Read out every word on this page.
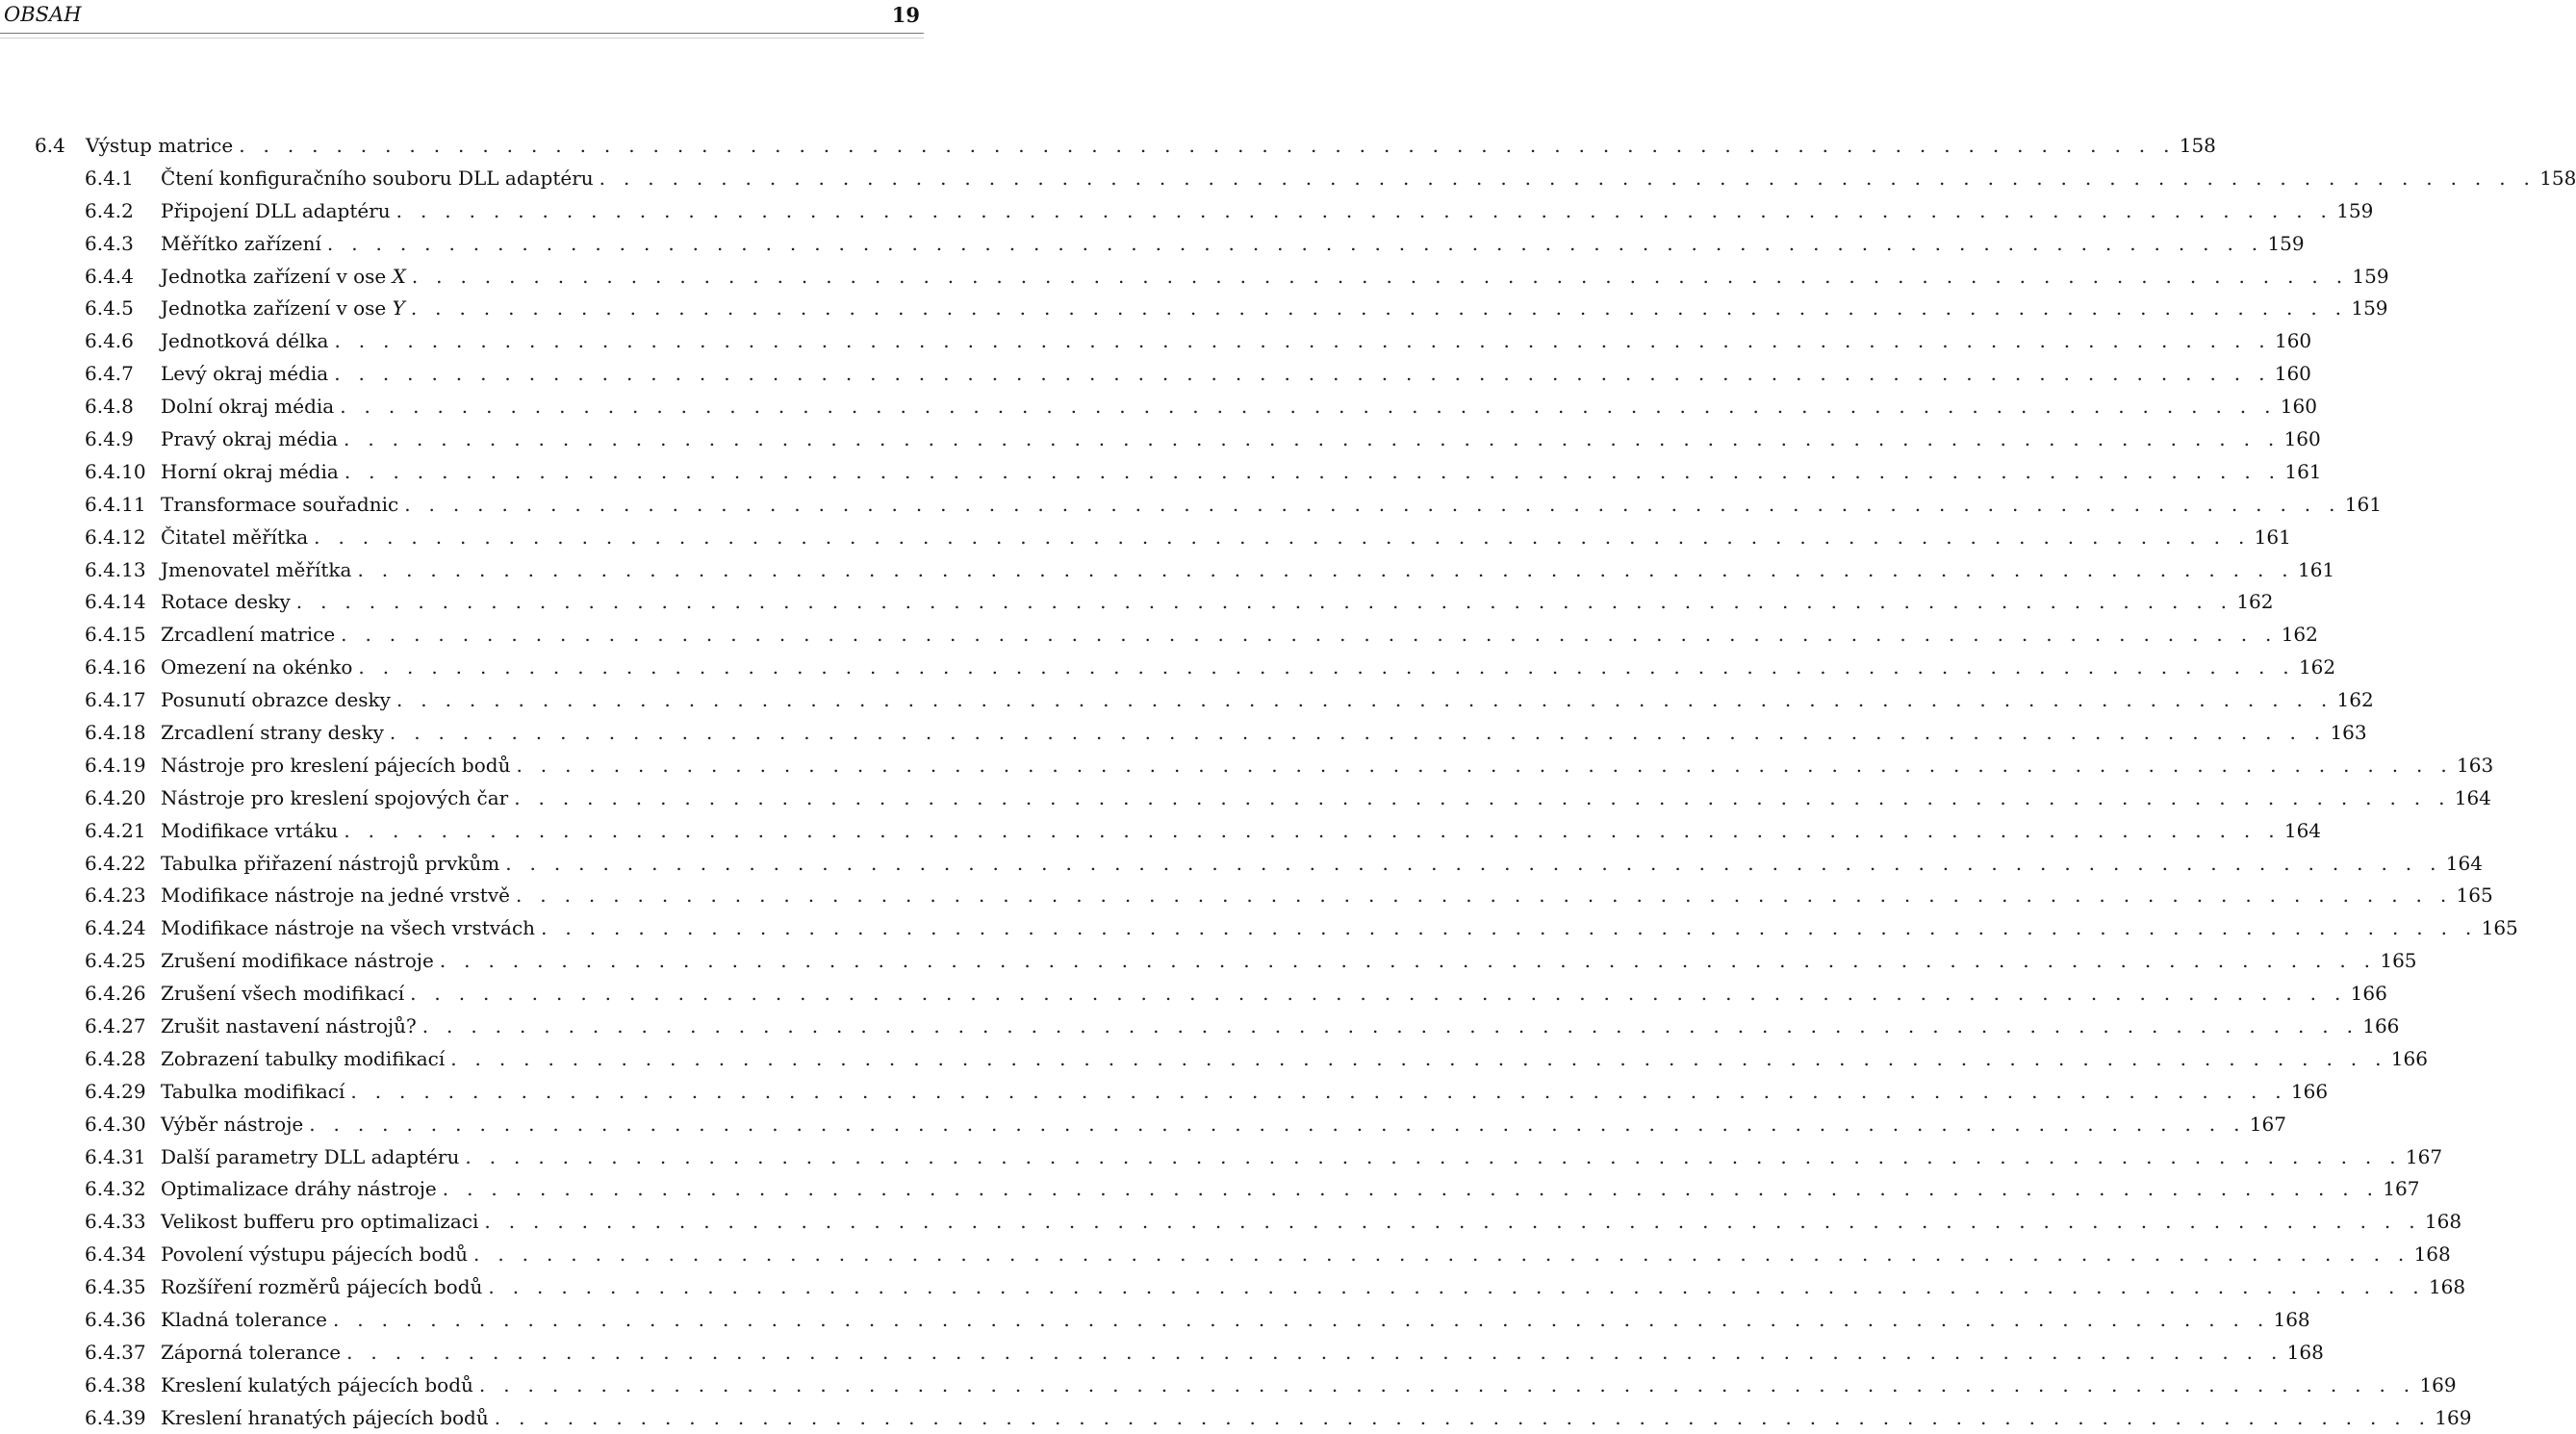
OBSAH	19
6.4 Výstup matrice . . . . . . . . . . . . . . . . . . . . . . . . . . . . . . . . . . . . . . . . . . . . . . . . . . . . . . . . . . . . . . . . . . . . . . . . . . . . . . . . 158
6.4.1 Čtení konfiguračního souboru DLL adaptéru . . . . . . . . . . . . . . . . . . . . . . . . . . . . . . . . . . . . . . . . . . . . . . . . . . . . . . . . . . . . . . . . . . . . . . . . . . . . . . . . 158
6.4.2 Připojení DLL adaptéru . . . . . . . . . . . . . . . . . . . . . . . . . . . . . . . . . . . . . . . . . . . . . . . . . . . . . . . . . . . . . . . . . . . . . . . . . . . . . . . . 159
6.4.3 Měřítko zařízení . . . . . . . . . . . . . . . . . . . . . . . . . . . . . . . . . . . . . . . . . . . . . . . . . . . . . . . . . . . . . . . . . . . . . . . . . . . . . . . . 159
6.4.4 Jednotka zařízení v ose X . . . . . . . . . . . . . . . . . . . . . . . . . . . . . . . . . . . . . . . . . . . . . . . . . . . . . . . . . . . . . . . . . . . . . . . . . . . . . . . . 159
6.4.5 Jednotka zařízení v ose Y . . . . . . . . . . . . . . . . . . . . . . . . . . . . . . . . . . . . . . . . . . . . . . . . . . . . . . . . . . . . . . . . . . . . . . . . . . . . . . . . 159
6.4.6 Jednotková délka . . . . . . . . . . . . . . . . . . . . . . . . . . . . . . . . . . . . . . . . . . . . . . . . . . . . . . . . . . . . . . . . . . . . . . . . . . . . . . . . 160
6.4.7 Levý okraj média . . . . . . . . . . . . . . . . . . . . . . . . . . . . . . . . . . . . . . . . . . . . . . . . . . . . . . . . . . . . . . . . . . . . . . . . . . . . . . . . 160
6.4.8 Dolní okraj média . . . . . . . . . . . . . . . . . . . . . . . . . . . . . . . . . . . . . . . . . . . . . . . . . . . . . . . . . . . . . . . . . . . . . . . . . . . . . . . . 160
6.4.9 Pravý okraj média . . . . . . . . . . . . . . . . . . . . . . . . . . . . . . . . . . . . . . . . . . . . . . . . . . . . . . . . . . . . . . . . . . . . . . . . . . . . . . . . 160
6.4.10 Horní okraj média . . . . . . . . . . . . . . . . . . . . . . . . . . . . . . . . . . . . . . . . . . . . . . . . . . . . . . . . . . . . . . . . . . . . . . . . . . . . . . . . 161
6.4.11 Transformace souřadnic . . . . . . . . . . . . . . . . . . . . . . . . . . . . . . . . . . . . . . . . . . . . . . . . . . . . . . . . . . . . . . . . . . . . . . . . . . . . . . . . 161
6.4.12 Čitatel měřítka . . . . . . . . . . . . . . . . . . . . . . . . . . . . . . . . . . . . . . . . . . . . . . . . . . . . . . . . . . . . . . . . . . . . . . . . . . . . . . . . 161
6.4.13 Jmenovatel měřítka . . . . . . . . . . . . . . . . . . . . . . . . . . . . . . . . . . . . . . . . . . . . . . . . . . . . . . . . . . . . . . . . . . . . . . . . . . . . . . . . 161
6.4.14 Rotace desky . . . . . . . . . . . . . . . . . . . . . . . . . . . . . . . . . . . . . . . . . . . . . . . . . . . . . . . . . . . . . . . . . . . . . . . . . . . . . . . . 162
6.4.15 Zrcadlení matrice . . . . . . . . . . . . . . . . . . . . . . . . . . . . . . . . . . . . . . . . . . . . . . . . . . . . . . . . . . . . . . . . . . . . . . . . . . . . . . . . 162
6.4.16 Omezení na okénko . . . . . . . . . . . . . . . . . . . . . . . . . . . . . . . . . . . . . . . . . . . . . . . . . . . . . . . . . . . . . . . . . . . . . . . . . . . . . . . . 162
6.4.17 Posunutí obrazce desky . . . . . . . . . . . . . . . . . . . . . . . . . . . . . . . . . . . . . . . . . . . . . . . . . . . . . . . . . . . . . . . . . . . . . . . . . . . . . . . . 162
6.4.18 Zrcadlení strany desky . . . . . . . . . . . . . . . . . . . . . . . . . . . . . . . . . . . . . . . . . . . . . . . . . . . . . . . . . . . . . . . . . . . . . . . . . . . . . . . . 163
6.4.19 Nástroje pro kreslení pájecích bodů . . . . . . . . . . . . . . . . . . . . . . . . . . . . . . . . . . . . . . . . . . . . . . . . . . . . . . . . . . . . . . . . . . . . . . . . . . . . . . . . 163
6.4.20 Nástroje pro kreslení spojových čar . . . . . . . . . . . . . . . . . . . . . . . . . . . . . . . . . . . . . . . . . . . . . . . . . . . . . . . . . . . . . . . . . . . . . . . . . . . . . . . . 164
6.4.21 Modifikace vrtáku . . . . . . . . . . . . . . . . . . . . . . . . . . . . . . . . . . . . . . . . . . . . . . . . . . . . . . . . . . . . . . . . . . . . . . . . . . . . . . . . 164
6.4.22 Tabulka přiřazení nástrojů prvkům . . . . . . . . . . . . . . . . . . . . . . . . . . . . . . . . . . . . . . . . . . . . . . . . . . . . . . . . . . . . . . . . . . . . . . . . . . . . . . . . 164
6.4.23 Modifikace nástroje na jedné vrstvě . . . . . . . . . . . . . . . . . . . . . . . . . . . . . . . . . . . . . . . . . . . . . . . . . . . . . . . . . . . . . . . . . . . . . . . . . . . . . . . . 165
6.4.24 Modifikace nástroje na všech vrstvách . . . . . . . . . . . . . . . . . . . . . . . . . . . . . . . . . . . . . . . . . . . . . . . . . . . . . . . . . . . . . . . . . . . . . . . . . . . . . . . . 165
6.4.25 Zrušení modifikace nástroje . . . . . . . . . . . . . . . . . . . . . . . . . . . . . . . . . . . . . . . . . . . . . . . . . . . . . . . . . . . . . . . . . . . . . . . . . . . . . . . . 165
6.4.26 Zrušení všech modifikací . . . . . . . . . . . . . . . . . . . . . . . . . . . . . . . . . . . . . . . . . . . . . . . . . . . . . . . . . . . . . . . . . . . . . . . . . . . . . . . . 166
6.4.27 Zrušit nastavení nástrojů? . . . . . . . . . . . . . . . . . . . . . . . . . . . . . . . . . . . . . . . . . . . . . . . . . . . . . . . . . . . . . . . . . . . . . . . . . . . . . . . . 166
6.4.28 Zobrazení tabulky modifikací . . . . . . . . . . . . . . . . . . . . . . . . . . . . . . . . . . . . . . . . . . . . . . . . . . . . . . . . . . . . . . . . . . . . . . . . . . . . . . . . 166
6.4.29 Tabulka modifikací . . . . . . . . . . . . . . . . . . . . . . . . . . . . . . . . . . . . . . . . . . . . . . . . . . . . . . . . . . . . . . . . . . . . . . . . . . . . . . . . 166
6.4.30 Výběr nástroje . . . . . . . . . . . . . . . . . . . . . . . . . . . . . . . . . . . . . . . . . . . . . . . . . . . . . . . . . . . . . . . . . . . . . . . . . . . . . . . . 167
6.4.31 Další parametry DLL adaptéru . . . . . . . . . . . . . . . . . . . . . . . . . . . . . . . . . . . . . . . . . . . . . . . . . . . . . . . . . . . . . . . . . . . . . . . . . . . . . . . . 167
6.4.32 Optimalizace dráhy nástroje . . . . . . . . . . . . . . . . . . . . . . . . . . . . . . . . . . . . . . . . . . . . . . . . . . . . . . . . . . . . . . . . . . . . . . . . . . . . . . . . 167
6.4.33 Velikost bufferu pro optimalizaci . . . . . . . . . . . . . . . . . . . . . . . . . . . . . . . . . . . . . . . . . . . . . . . . . . . . . . . . . . . . . . . . . . . . . . . . . . . . . . . . 168
6.4.34 Povolení výstupu pájecích bodů . . . . . . . . . . . . . . . . . . . . . . . . . . . . . . . . . . . . . . . . . . . . . . . . . . . . . . . . . . . . . . . . . . . . . . . . . . . . . . . . 168
6.4.35 Rozšíření rozměrů pájecích bodů . . . . . . . . . . . . . . . . . . . . . . . . . . . . . . . . . . . . . . . . . . . . . . . . . . . . . . . . . . . . . . . . . . . . . . . . . . . . . . . . 168
6.4.36 Kladná tolerance . . . . . . . . . . . . . . . . . . . . . . . . . . . . . . . . . . . . . . . . . . . . . . . . . . . . . . . . . . . . . . . . . . . . . . . . . . . . . . . . 168
6.4.37 Záporná tolerance . . . . . . . . . . . . . . . . . . . . . . . . . . . . . . . . . . . . . . . . . . . . . . . . . . . . . . . . . . . . . . . . . . . . . . . . . . . . . . . . 168
6.4.38 Kreslení kulatých pájecích bodů . . . . . . . . . . . . . . . . . . . . . . . . . . . . . . . . . . . . . . . . . . . . . . . . . . . . . . . . . . . . . . . . . . . . . . . . . . . . . . . . 169
6.4.39 Kreslení hranatých pájecích bodů . . . . . . . . . . . . . . . . . . . . . . . . . . . . . . . . . . . . . . . . . . . . . . . . . . . . . . . . . . . . . . . . . . . . . . . . . . . . . . . . 169
